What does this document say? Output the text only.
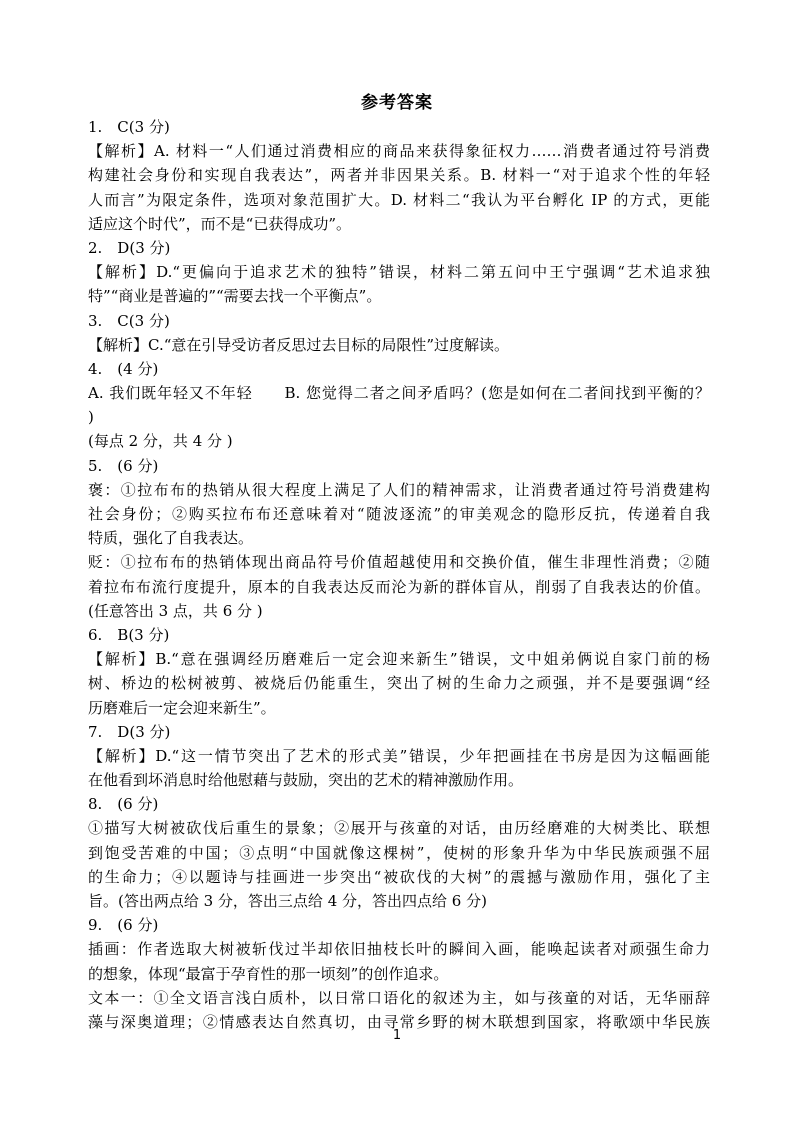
参考答案
1.　C(3 分)
【解析】A. 材料一“人们通过消费相应的商品来获得象征权力……消费者通过符号消费
构建社会身份和实现自我表达”，两者并非因果关系。B. 材料一“对于追求个性的年轻
人而言”为限定条件，选项对象范围扩大。D. 材料二“我认为平台孵化 IP 的方式，更能
适应这个时代”，而不是“已获得成功”。
2.　D(3 分)
【解析】D.“更偏向于追求艺术的独特”错误，材料二第五问中王宁强调“艺术追求独
特”“商业是普遍的”“需要去找一个平衡点”。
3.　C(3 分)
【解析】C.“意在引导受访者反思过去目标的局限性”过度解读。
4.　(4 分)
A. 我们既年轻又不年轻　　B. 您觉得二者之间矛盾吗？(您是如何在二者间找到平衡的？
)
(每点 2 分，共 4 分 )
5.　(6 分)
褒：①拉布布的热销从很大程度上满足了人们的精神需求，让消费者通过符号消费建构
社会身份；②购买拉布布还意味着对“随波逐流”的审美观念的隐形反抗，传递着自我
特质，强化了自我表达。
贬：①拉布布的热销体现出商品符号价值超越使用和交换价值，催生非理性消费；②随
着拉布布流行度提升，原本的自我表达反而沦为新的群体盲从，削弱了自我表达的价值。
(任意答出 3 点，共 6 分 )
6.　B(3 分)
【解析】B.“意在强调经历磨难后一定会迎来新生”错误，文中姐弟俩说自家门前的杨
树、桥边的松树被剪、被烧后仍能重生，突出了树的生命力之顽强，并不是要强调“经
历磨难后一定会迎来新生”。
7.　D(3 分)
【解析】D.“这一情节突出了艺术的形式美”错误，少年把画挂在书房是因为这幅画能
在他看到坏消息时给他慰藉与鼓励，突出的艺术的精神激励作用。
8.　(6 分)
①描写大树被砍伐后重生的景象；②展开与孩童的对话，由历经磨难的大树类比、联想
到饱受苦难的中国；③点明“中国就像这棵树”，使树的形象升华为中华民族顽强不屈
的生命力；④以题诗与挂画进一步突出“被砍伐的大树”的震撼与激励作用，强化了主
旨。(答出两点给 3 分，答出三点给 4 分，答出四点给 6 分)
9.　(6 分)
插画：作者选取大树被斩伐过半却依旧抽枝长叶的瞬间入画，能唤起读者对顽强生命力
的想象，体现“最富于孕育性的那一顷刻”的创作追求。
文本一：①全文语言浅白质朴，以日常口语化的叙述为主，如与孩童的对话，无华丽辞
藻与深奥道理；②情感表达自然真切，由寻常乡野的树木联想到国家，将歌颂中华民族
1
